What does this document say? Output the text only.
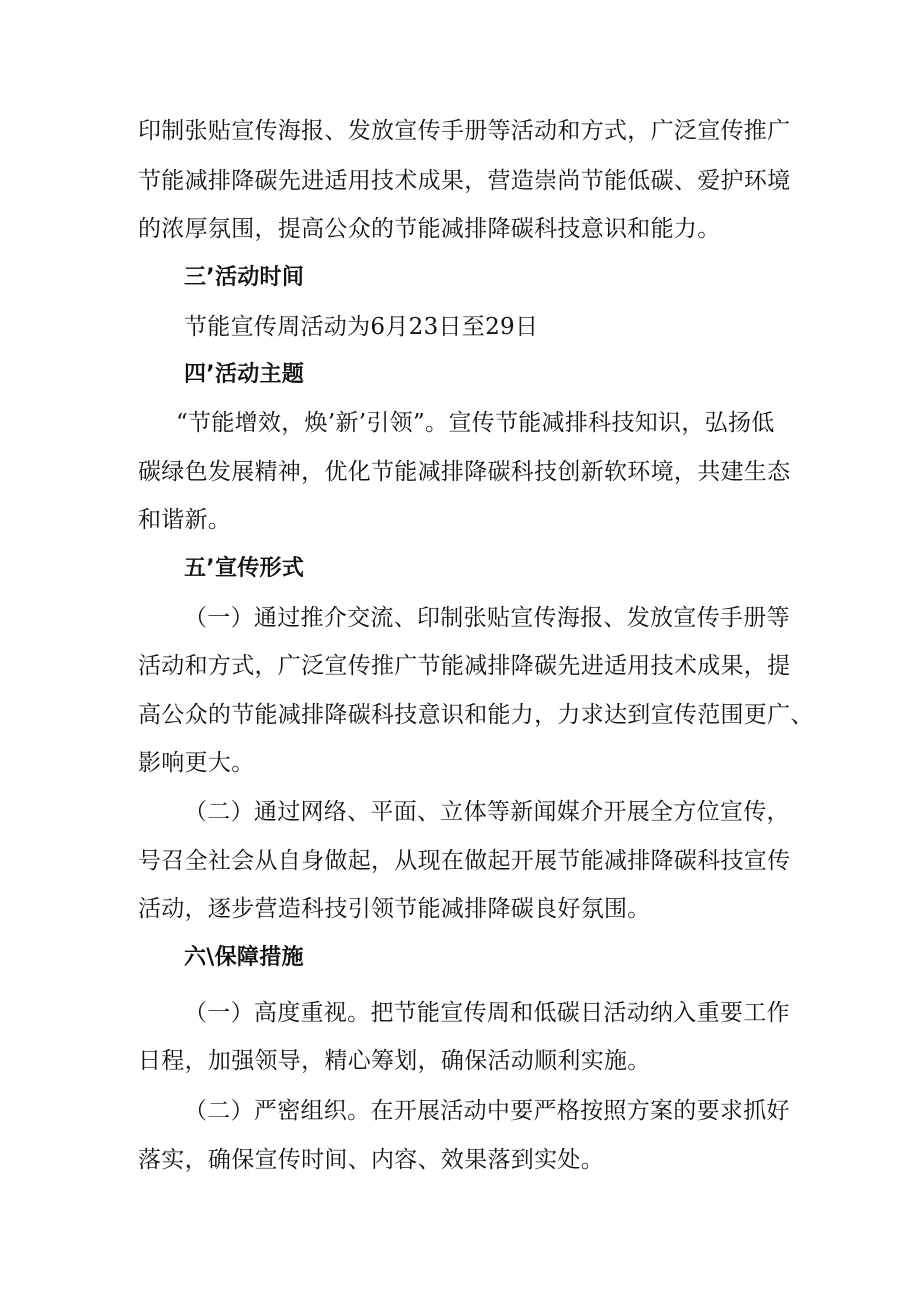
印制张贴宣传海报、发放宣传手册等活动和方式，广泛宣传推广
节能减排降碳先进适用技术成果，营造崇尚节能低碳、爱护环境
的浓厚氛围，提高公众的节能减排降碳科技意识和能力。
三’活动时间
节能宣传周活动为6月23日至29日
四’活动主题
“节能增效，焕’新’引领”。宣传节能减排科技知识，弘扬低
碳绿色发展精神，优化节能减排降碳科技创新软环境，共建生态
和谐新。
五’宣传形式
（一）通过推介交流、印制张贴宣传海报、发放宣传手册等
活动和方式，广泛宣传推广节能减排降碳先进适用技术成果，提
高公众的节能减排降碳科技意识和能力，力求达到宣传范围更广、
影响更大。
（二）通过网络、平面、立体等新闻媒介开展全方位宣传，
号召全社会从自身做起，从现在做起开展节能减排降碳科技宣传
活动，逐步营造科技引领节能减排降碳良好氛围。
六\保障措施
（一）高度重视。把节能宣传周和低碳日活动纳入重要工作
日程，加强领导，精心筹划，确保活动顺利实施。
（二）严密组织。在开展活动中要严格按照方案的要求抓好
落实，确保宣传时间、内容、效果落到实处。
